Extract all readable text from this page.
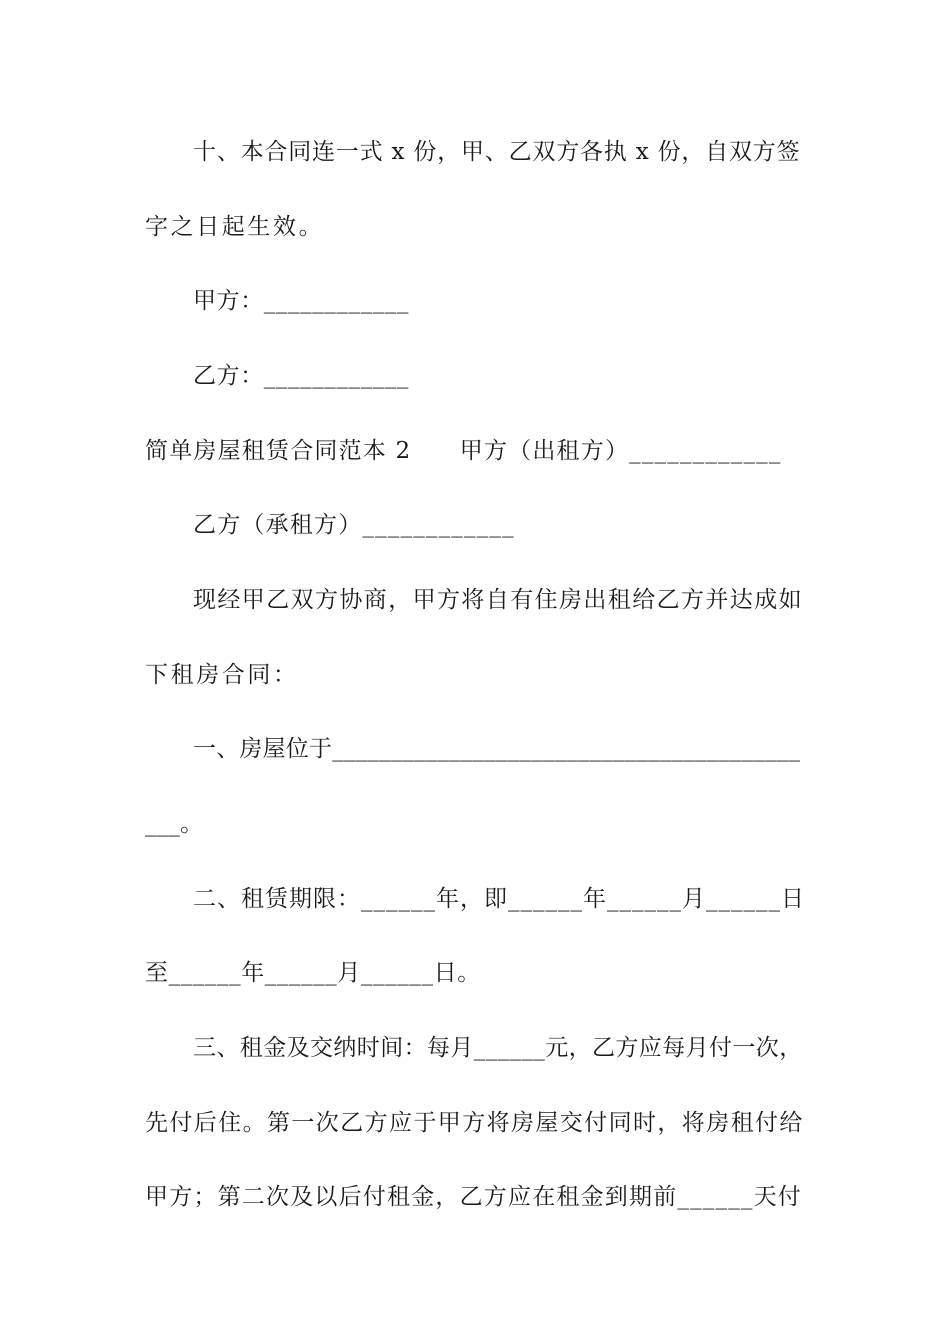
十、本合同连一式 x 份，甲、乙双方各执 x 份，自双方签
字之日起生效。
甲方：____________
乙方：____________
简单房屋租赁合同范本 2　　甲方（出租方）____________
乙方（承租方）____________
现经甲乙双方协商，甲方将自有住房出租给乙方并达成如
下租房合同：
一、房屋位于________________________________________
___。
二、租赁期限：______年，即______年______月______日
至______年______月______日。
三、租金及交纳时间：每月______元，乙方应每月付一次，
先付后住。第一次乙方应于甲方将房屋交付同时，将房租付给
甲方；第二次及以后付租金，乙方应在租金到期前______天付
